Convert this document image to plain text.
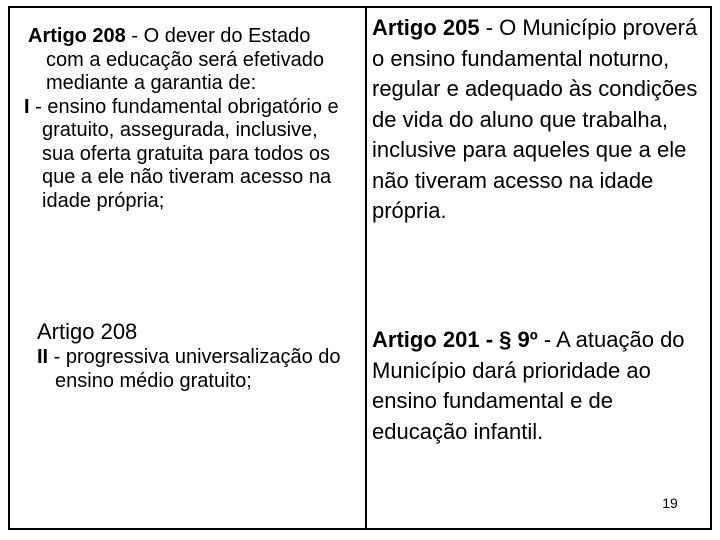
Artigo 208 - O dever do Estado com a educação será efetivado mediante a garantia de:
I - ensino fundamental obrigatório e gratuito, assegurada, inclusive, sua oferta gratuita para todos os que a ele não tiveram acesso na idade própria;
Artigo 205 - O Município proverá o ensino fundamental noturno, regular e adequado às condições de vida do aluno que trabalha, inclusive para aqueles que a ele não tiveram acesso na idade própria.
Artigo 208
II - progressiva universalização do ensino médio gratuito;
Artigo 201 - § 9º - A atuação do Município dará prioridade ao ensino fundamental e de educação infantil.
19
